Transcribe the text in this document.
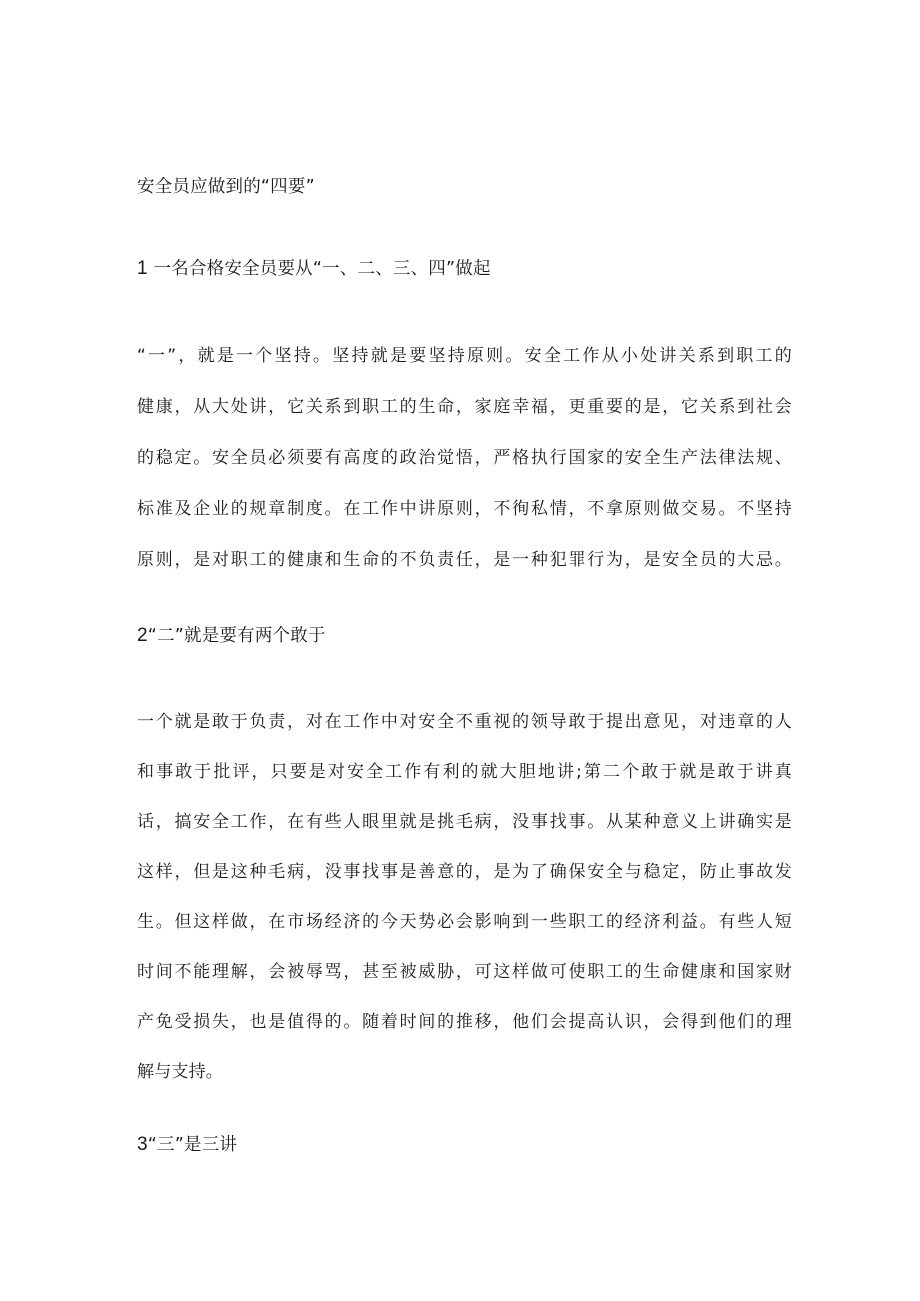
安全员应做到的“四要”

1 一名合格安全员要从“一、二、三、四”做起

“一”，就是一个坚持。坚持就是要坚持原则。安全工作从小处讲关系到职工的

健康，从大处讲，它关系到职工的生命，家庭幸福，更重要的是，它关系到社会

的稳定。安全员必须要有高度的政治觉悟，严格执行国家的安全生产法律法规、

标准及企业的规章制度。在工作中讲原则，不徇私情，不拿原则做交易。不坚持

原则，是对职工的健康和生命的不负责任，是一种犯罪行为，是安全员的大忌。

2“二”就是要有两个敢于

一个就是敢于负责，对在工作中对安全不重视的领导敢于提出意见，对违章的人

和事敢于批评，只要是对安全工作有利的就大胆地讲;第二个敢于就是敢于讲真

话，搞安全工作，在有些人眼里就是挑毛病，没事找事。从某种意义上讲确实是

这样，但是这种毛病，没事找事是善意的，是为了确保安全与稳定，防止事故发

生。但这样做，在市场经济的今天势必会影响到一些职工的经济利益。有些人短

时间不能理解，会被辱骂，甚至被威胁，可这样做可使职工的生命健康和国家财

产免受损失，也是值得的。随着时间的推移，他们会提高认识，会得到他们的理

解与支持。

3“三”是三讲
